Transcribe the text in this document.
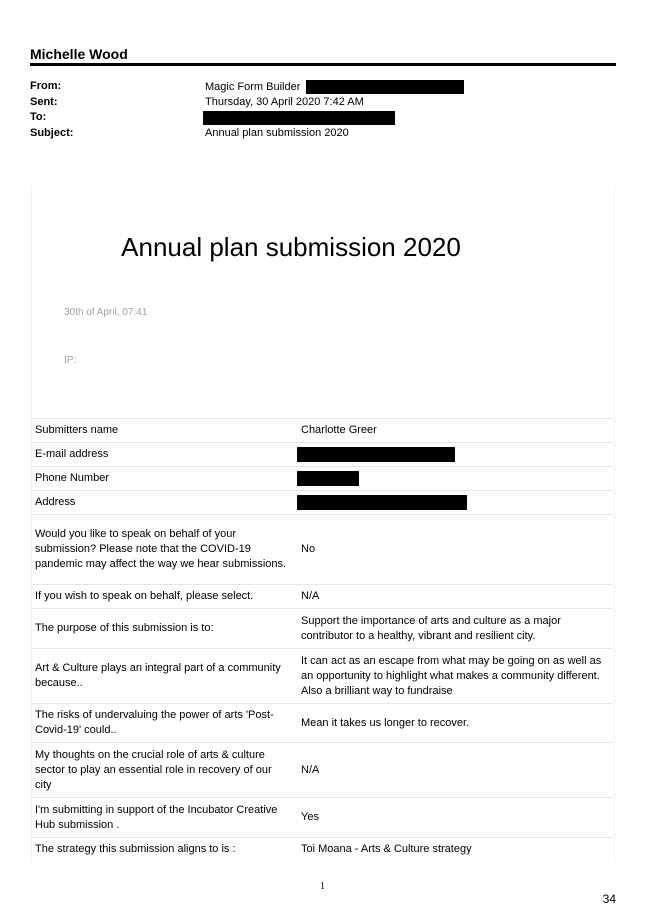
Michelle Wood
From:	Magic Form Builder
Sent:	Thursday, 30 April 2020 7:42 AM
To:
Subject:	Annual plan submission 2020
Annual plan submission 2020
30th of April, 07:41
IP:
Submitters name	Charlotte Greer
E-mail address	
Phone Number	
Address	
Would you like to speak on behalf of your submission? Please note that the COVID-19 pandemic may affect the way we hear submissions.	No
If you wish to speak on behalf, please select.	N/A
The purpose of this submission is to:	Support the importance of arts and culture as a major contributor to a healthy, vibrant and resilient city.
Art & Culture plays an integral part of a community because..	It can act as an escape from what may be going on as well as an opportunity to highlight what makes a community different. Also a brilliant way to fundraise
The risks of undervaluing the power of arts 'Post-Covid-19' could..	Mean it takes us longer to recover.
My thoughts on the crucial role of arts & culture sector to play an essential role in recovery of our city	N/A
I'm submitting in support of the Incubator Creative Hub submission .	Yes
The strategy this submission aligns to is :	Toi Moana - Arts & Culture strategy
1
34
